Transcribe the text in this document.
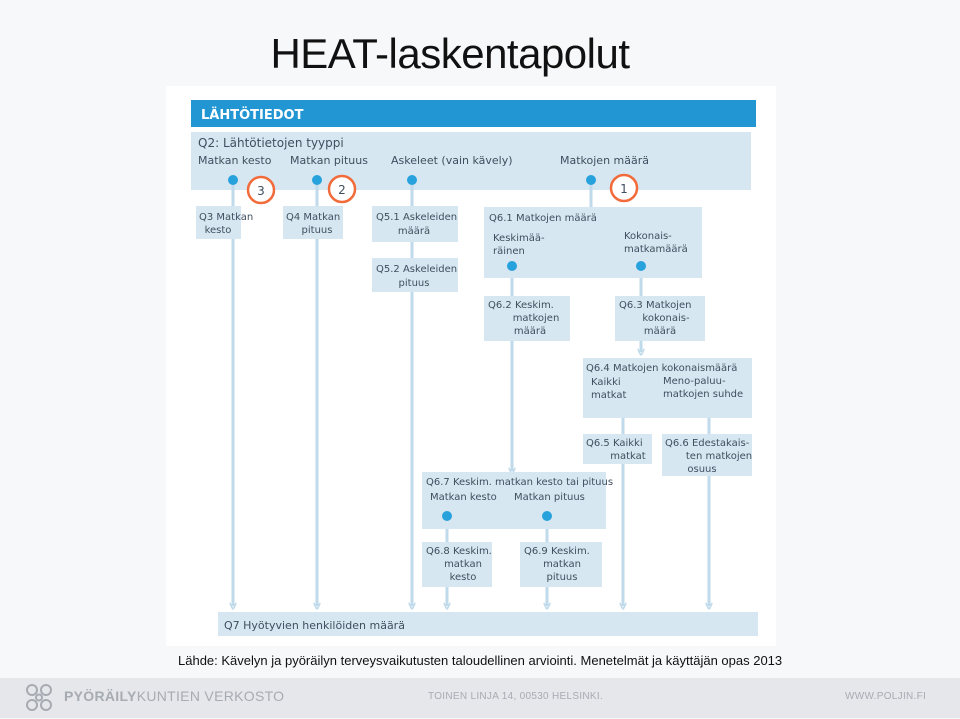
HEAT-laskentapolut
LÄHTÖTIEDOT
Q2: Lähtötietojen tyyppi
Matkan kesto Matkan pituus Askeleet (vain kävely)	Matkojen määrä
3	2	1
Q3 Matkan
kesto
Q4 Matkan
pituus
Q5.1 Askeleiden
määrä
Q5.2 Askeleiden
pituus
Q6.1 Matkojen määrä
Keskimää-
räinen
Kokonais-
matkamäärä
Q6.2 Keskim.
matkojen
määrä
Q6.3 Matkojen
kokonais-
määrä
Q6.4 Matkojen kokonaismäärä
Kaikki
matkat
Meno-paluu-
matkojen suhde
Q6.5 Kaikki
matkat
Q6.6 Edestakais-
ten matkojen
osuus
Q6.7 Keskim. matkan kesto tai pituus
Matkan kesto Matkan pituus
Q6.8 Keskim.
matkan
kesto
Q6.9 Keskim.
matkan
pituus
Q7 Hyötyvien henkilöiden määrä
Lähde: Kävelyn ja pyöräilyn terveysvaikutusten taloudellinen arviointi. Menetelmät ja käyttäjän opas 2013
PYÖRÄILYKUNTIEN VERKOSTO	TOINEN LINJA 14, 00530 HELSINKI.	WWW.POLJIN.FI
